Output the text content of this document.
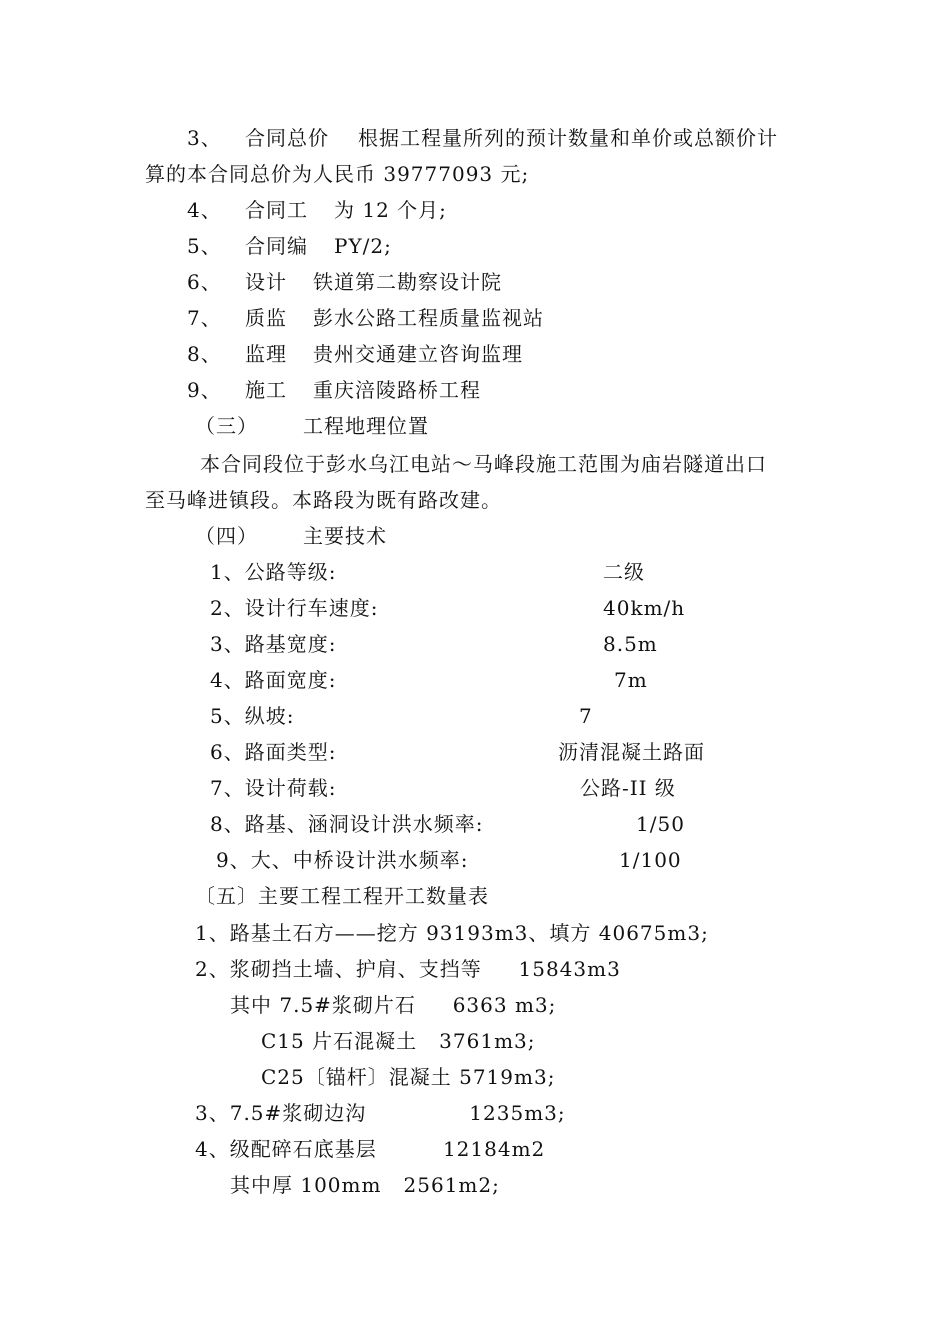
3、 合同总价 根据工程量所列的预计数量和单价或总额价计
算的本合同总价为人民币 39777093 元;
4、 合同工 为 12 个月;
5、 合同编 PY/2;
6、 设计 铁道第二勘察设计院
7、 质监 彭水公路工程质量监视站
8、 监理 贵州交通建立咨询监理
9、 施工 重庆涪陵路桥工程
（三） 工程地理位置
本合同段位于彭水乌江电站～马峰段施工范围为庙岩隧道出口
至马峰进镇段。本路段为既有路改建。
（四） 主要技术
1、公路等级:	二级
2、设计行车速度:	40km/h
3、路基宽度:	8.5m
4、路面宽度:	7m
5、纵坡:	7
6、路面类型:	沥清混凝土路面
7、设计荷载:	公路-II 级
8、路基、涵洞设计洪水频率:	1/50
9、大、中桥设计洪水频率:	1/100
〔五〕主要工程工程开工数量表
1、路基土石方——挖方 93193m3、填方 40675m3;
2、浆砌挡土墙、护肩、支挡等     15843m3
其中 7.5#浆砌片石     6363 m3;
C15 片石混凝土   3761m3;
C25〔锚杆〕混凝土 5719m3;
3、7.5#浆砌边沟              1235m3;
4、级配碎石底基层         12184m2
其中厚 100mm   2561m2;
